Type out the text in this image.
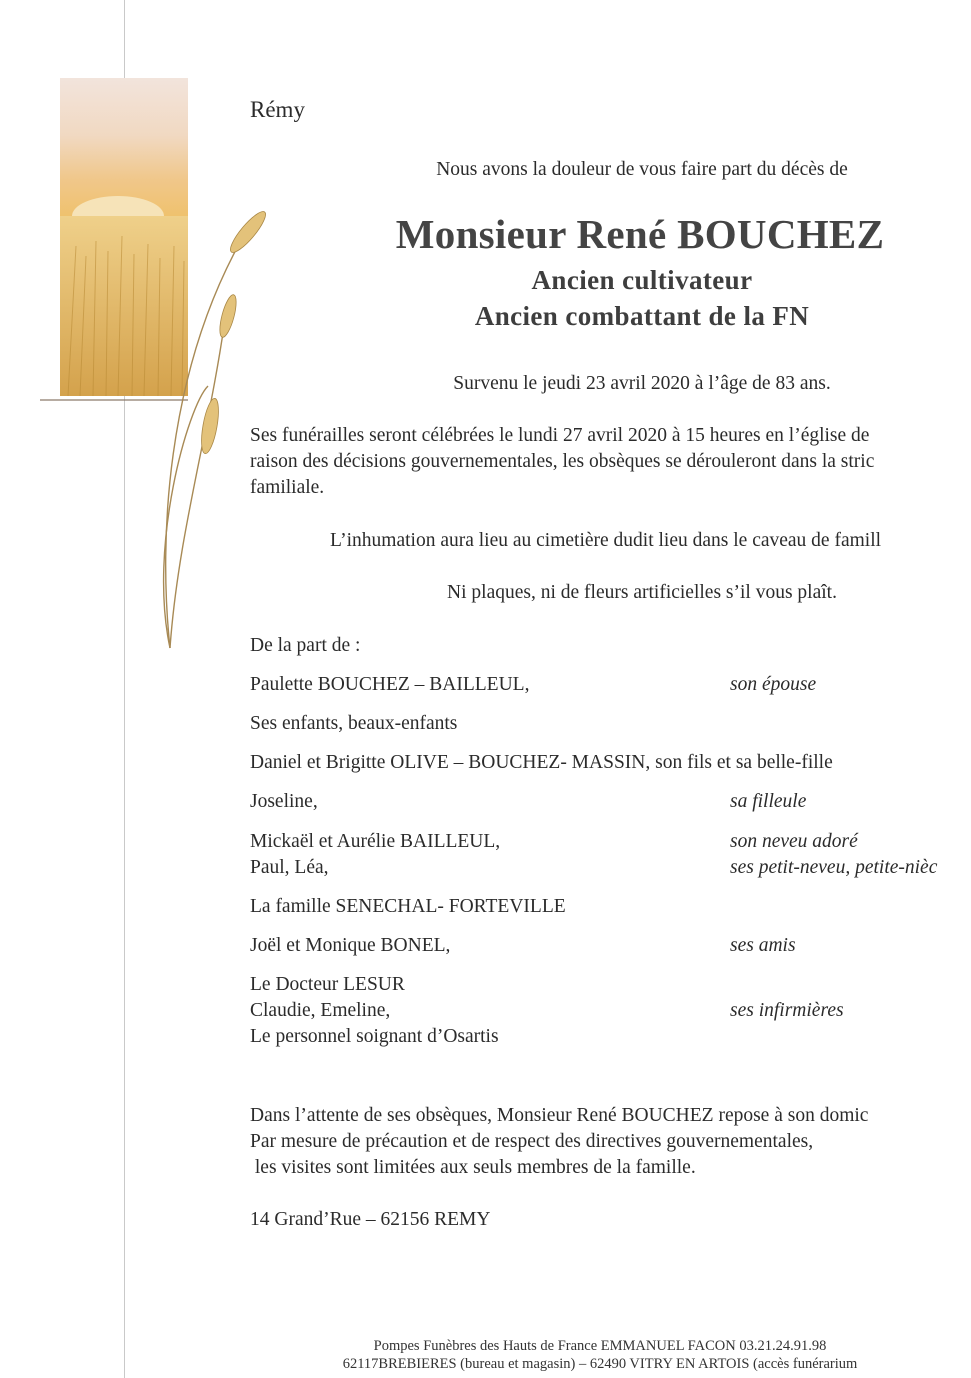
Rémy
Nous avons la douleur de vous faire part du décès de
Monsieur René BOUCHEZ
Ancien cultivateur
Ancien combattant de la FN
Survenu le jeudi 23 avril 2020 à l’âge de 83 ans.
Ses funérailles seront célébrées le lundi 27 avril 2020 à 15 heures en l’église de
raison des décisions gouvernementales, les obsèques se dérouleront dans la stric
familiale.
L’inhumation aura lieu au cimetière dudit lieu dans le caveau de famill
Ni plaques, ni de fleurs artificielles s’il vous plaît.
De la part de :
Paulette BOUCHEZ – BAILLEUL,	son épouse
Ses enfants, beaux-enfants
Daniel et Brigitte OLIVE – BOUCHEZ- MASSIN, son fils et sa belle-fille
Joseline,	sa filleule
Mickaël et Aurélie BAILLEUL,	son neveu adoré
Paul, Léa,	ses petit-neveu, petite-nièc
La famille SENECHAL- FORTEVILLE
Joël et Monique BONEL,	ses amis
Le Docteur LESUR
Claudie, Emeline,	ses infirmières
Le personnel soignant d’Osartis
Dans l’attente de ses obsèques, Monsieur René BOUCHEZ repose à son domic
Par mesure de précaution et de respect des directives gouvernementales,
les visites sont limitées aux seuls membres de la famille.
14 Grand’Rue – 62156 REMY
Pompes Funèbres des Hauts de France EMMANUEL FACON 03.21.24.91.98
62117BREBIERES (bureau et magasin) – 62490 VITRY EN ARTOIS (accès funérarium
